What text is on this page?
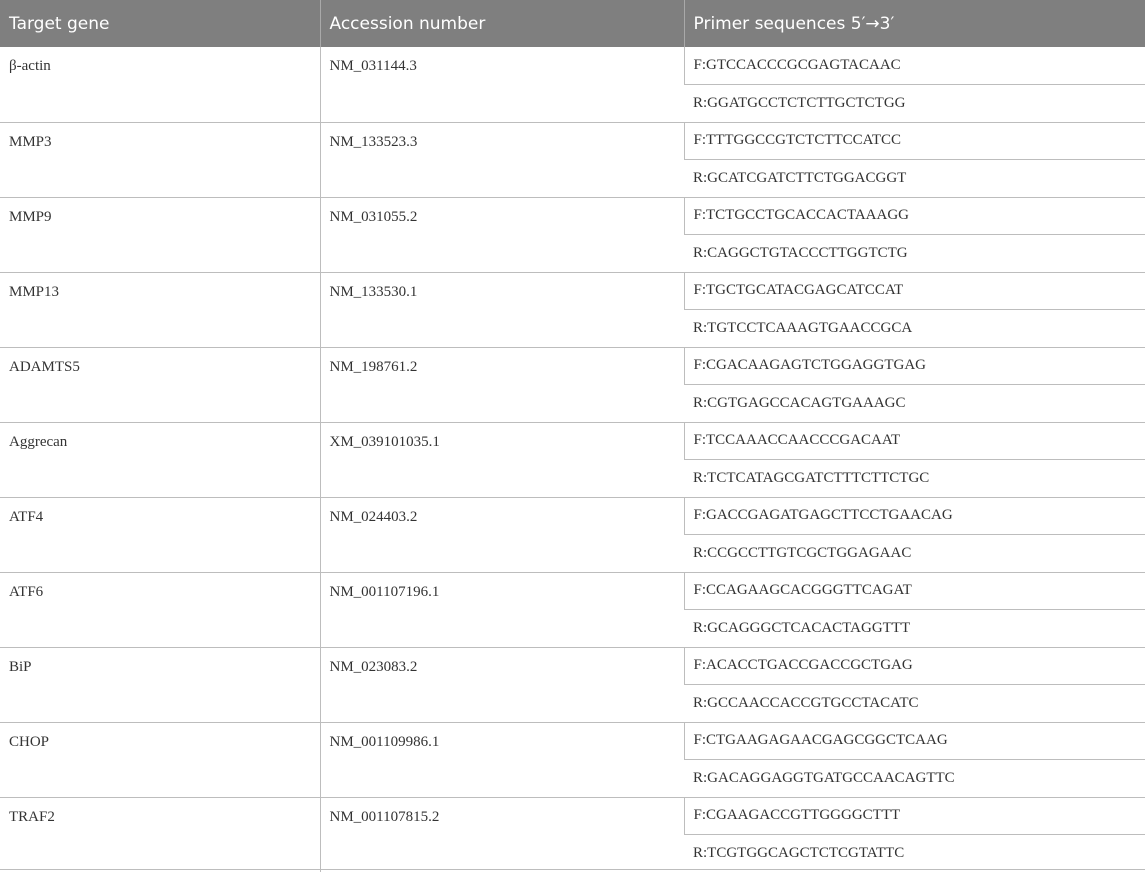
Target gene	Accession number	Primer sequences 5′→3′
β-actin	NM_031144.3	F:GTCCACCCGCGAGTACAAC
		R:GGATGCCTCTCTTGCTCTGG
MMP3	NM_133523.3	F:TTTGGCCGTCTCTTCCATCC
		R:GCATCGATCTTCTGGACGGT
MMP9	NM_031055.2	F:TCTGCCTGCACCACTAAAGG
		R:CAGGCTGTACCCTTGGTCTG
MMP13	NM_133530.1	F:TGCTGCATACGAGCATCCAT
		R:TGTCCTCAAAGTGAACCGCA
ADAMTS5	NM_198761.2	F:CGACAAGAGTCTGGAGGTGAG
		R:CGTGAGCCACAGTGAAAGC
Aggrecan	XM_039101035.1	F:TCCAAACCAACCCGACAAT
		R:TCTCATAGCGATCTTTCTTCTGC
ATF4	NM_024403.2	F:GACCGAGATGAGCTTCCTGAACAG
		R:CCGCCTTGTCGCTGGAGAAC
ATF6	NM_001107196.1	F:CCAGAAGCACGGGTTCAGAT
		R:GCAGGGCTCACACTAGGTTT
BiP	NM_023083.2	F:ACACCTGACCGACCGCTGAG
		R:GCCAACCACCGTGCCTACATC
CHOP	NM_001109986.1	F:CTGAAGAGAACGAGCGGCTCAAG
		R:GACAGGAGGTGATGCCAACAGTTC
TRAF2	NM_001107815.2	F:CGAAGACCGTTGGGGCTTT
		R:TCGTGGCAGCTCTCGTATTC
